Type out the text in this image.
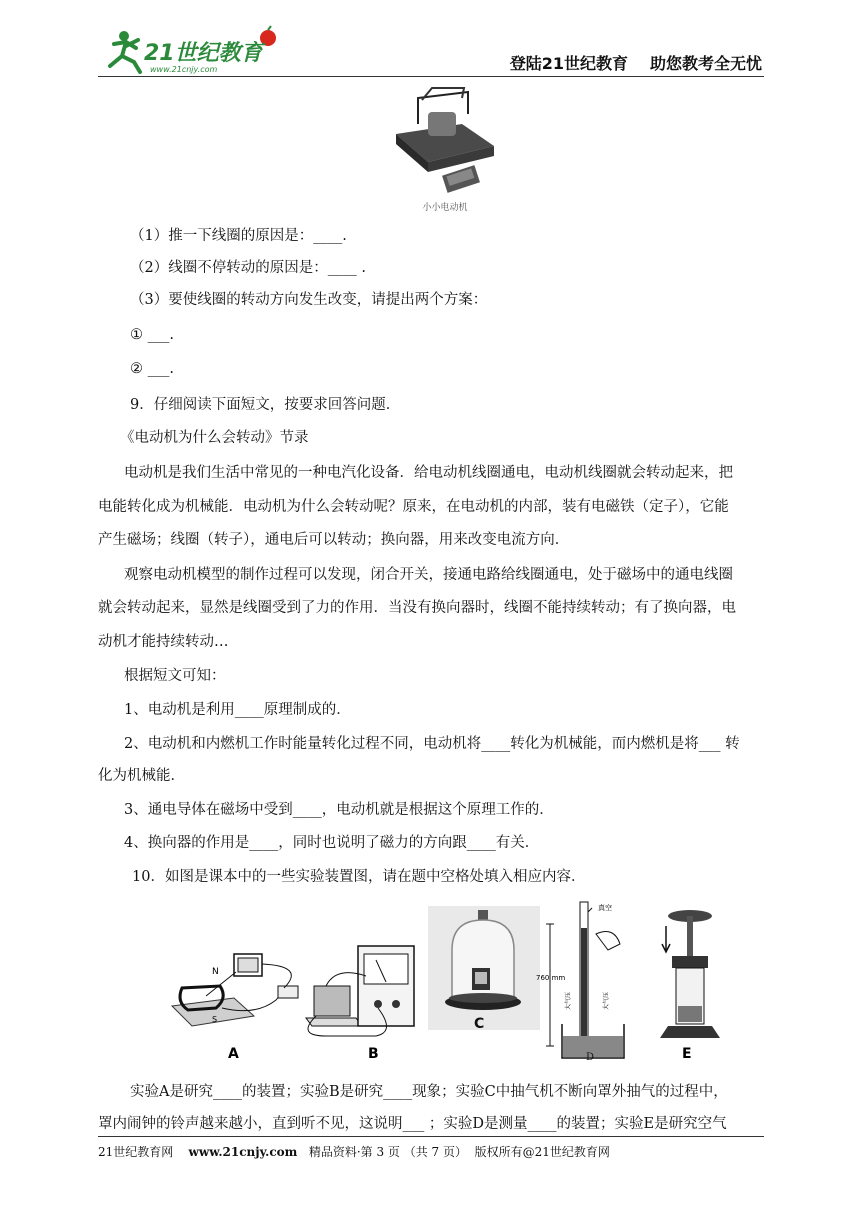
21世纪教育
www.21cnjy.com	登陆21世纪教育 助您教考全无忧
小小电动机
（1）推一下线圈的原因是：____.
（2）线圈不停转动的原因是：____ .
（3）要使线圈的转动方向发生改变，请提出两个方案：
① ___.
② ___.
9．仔细阅读下面短文，按要求回答问题．
《电动机为什么会转动》节录
电动机是我们生活中常见的一种电汽化设备．给电动机线圈通电，电动机线圈就会转动起来，把
电能转化成为机械能．电动机为什么会转动呢？原来，在电动机的内部，装有电磁铁（定子），它能
产生磁场；线圈（转子），通电后可以转动；换向器，用来改变电流方向．
观察电动机模型的制作过程可以发现，闭合开关，接通电路给线圈通电，处于磁场中的通电线圈
就会转动起来，显然是线圈受到了力的作用．当没有换向器时，线圈不能持续转动；有了换向器，电
动机才能持续转动…
根据短文可知：
1、电动机是利用____原理制成的．
2、电动机和内燃机工作时能量转化过程不同，电动机将____转化为机械能，而内燃机是将___ 转
化为机械能．
3、通电导体在磁场中受到____，电动机就是根据这个原理工作的．
4、换向器的作用是____，同时也说明了磁力的方向跟____有关．
10．如图是课本中的一些实验装置图，请在题中空格处填入相应内容．
N
S
A	B
C
真空
760 mm
大气压	大气压
D	E
实验A是研究____的装置；实验B是研究____现象；实验C中抽气机不断向罩外抽气的过程中，
罩内闹钟的铃声越来越小，直到听不见，这说明___ ；实验D是测量____的装置；实验E是研究空气
21世纪教育网 www.21cnjy.com 精品资料·第 3 页 （共 7 页） 版权所有@21世纪教育网
